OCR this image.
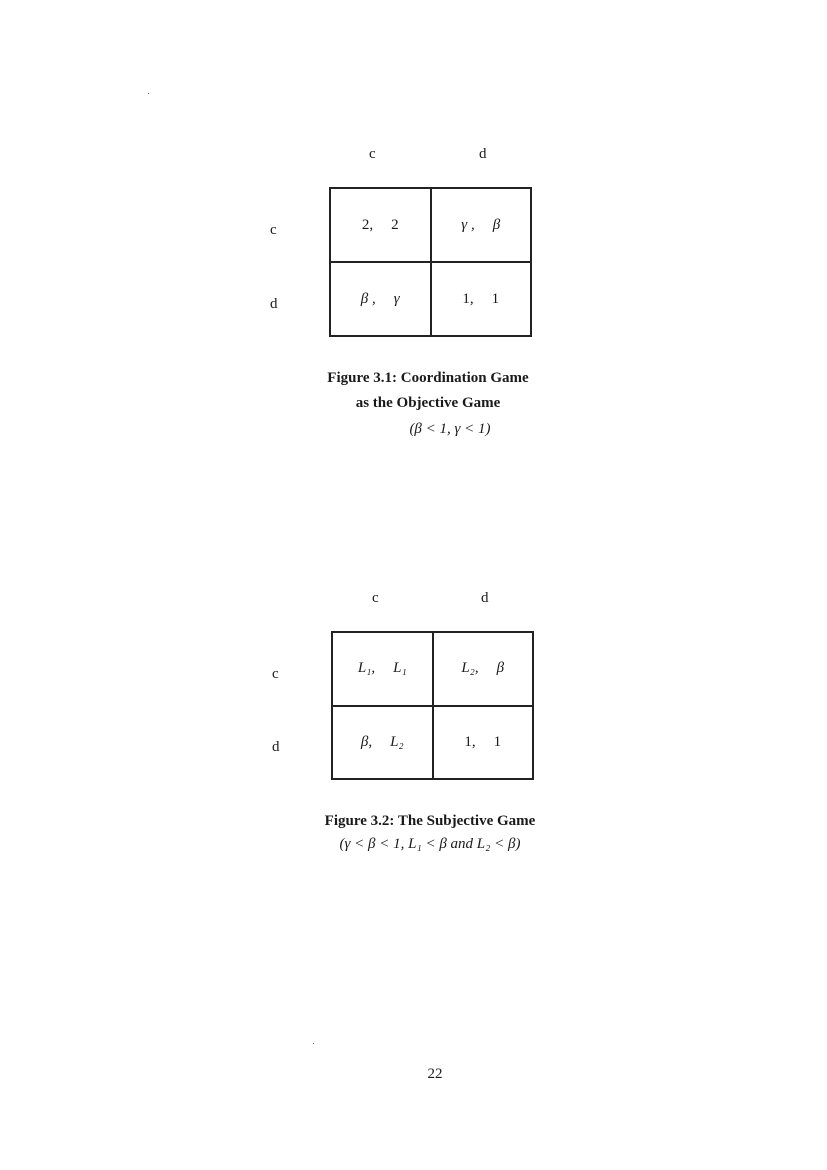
c	d
c
d
2, 2	γ , β
β , γ	1, 1
Figure 3.1: Coordination Game
as the Objective Game
(β < 1, γ < 1)
c	d
c
d
L₁, L₁	L₂, β
β, L₂	1, 1
Figure 3.2: The Subjective Game
(γ < β < 1, L₁ < β and L₂ < β)
22
